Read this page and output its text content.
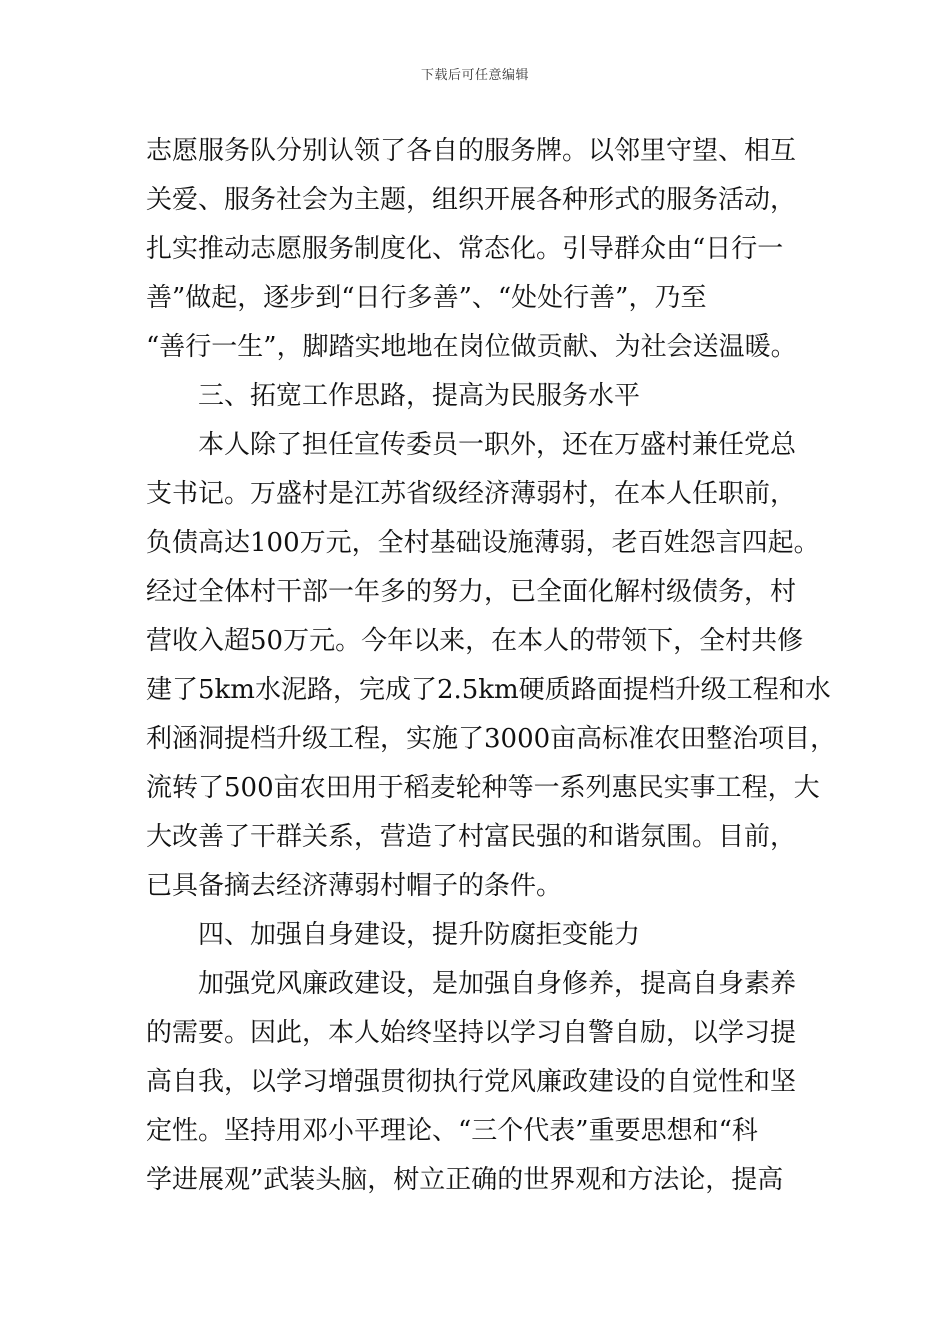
下载后可任意编辑
志愿服务队分别认领了各自的服务牌。以邻里守望、相互
关爱、服务社会为主题，组织开展各种形式的服务活动，
扎实推动志愿服务制度化、常态化。引导群众由“日行一
善”做起，逐步到“日行多善”、“处处行善”，乃至
“善行一生”，脚踏实地地在岗位做贡献、为社会送温暖。
三、拓宽工作思路，提高为民服务水平
本人除了担任宣传委员一职外，还在万盛村兼任党总
支书记。万盛村是江苏省级经济薄弱村，在本人任职前，
负债高达100万元，全村基础设施薄弱，老百姓怨言四起。
经过全体村干部一年多的努力，已全面化解村级债务，村
营收入超50万元。今年以来，在本人的带领下，全村共修
建了5km水泥路，完成了2.5km硬质路面提档升级工程和水
利涵洞提档升级工程，实施了3000亩高标准农田整治项目，
流转了500亩农田用于稻麦轮种等一系列惠民实事工程，大
大改善了干群关系，营造了村富民强的和谐氛围。目前，
已具备摘去经济薄弱村帽子的条件。
四、加强自身建设，提升防腐拒变能力
加强党风廉政建设，是加强自身修养，提高自身素养
的需要。因此，本人始终坚持以学习自警自励，以学习提
高自我，以学习增强贯彻执行党风廉政建设的自觉性和坚
定性。坚持用邓小平理论、“三个代表”重要思想和“科
学进展观”武装头脑，树立正确的世界观和方法论，提高
